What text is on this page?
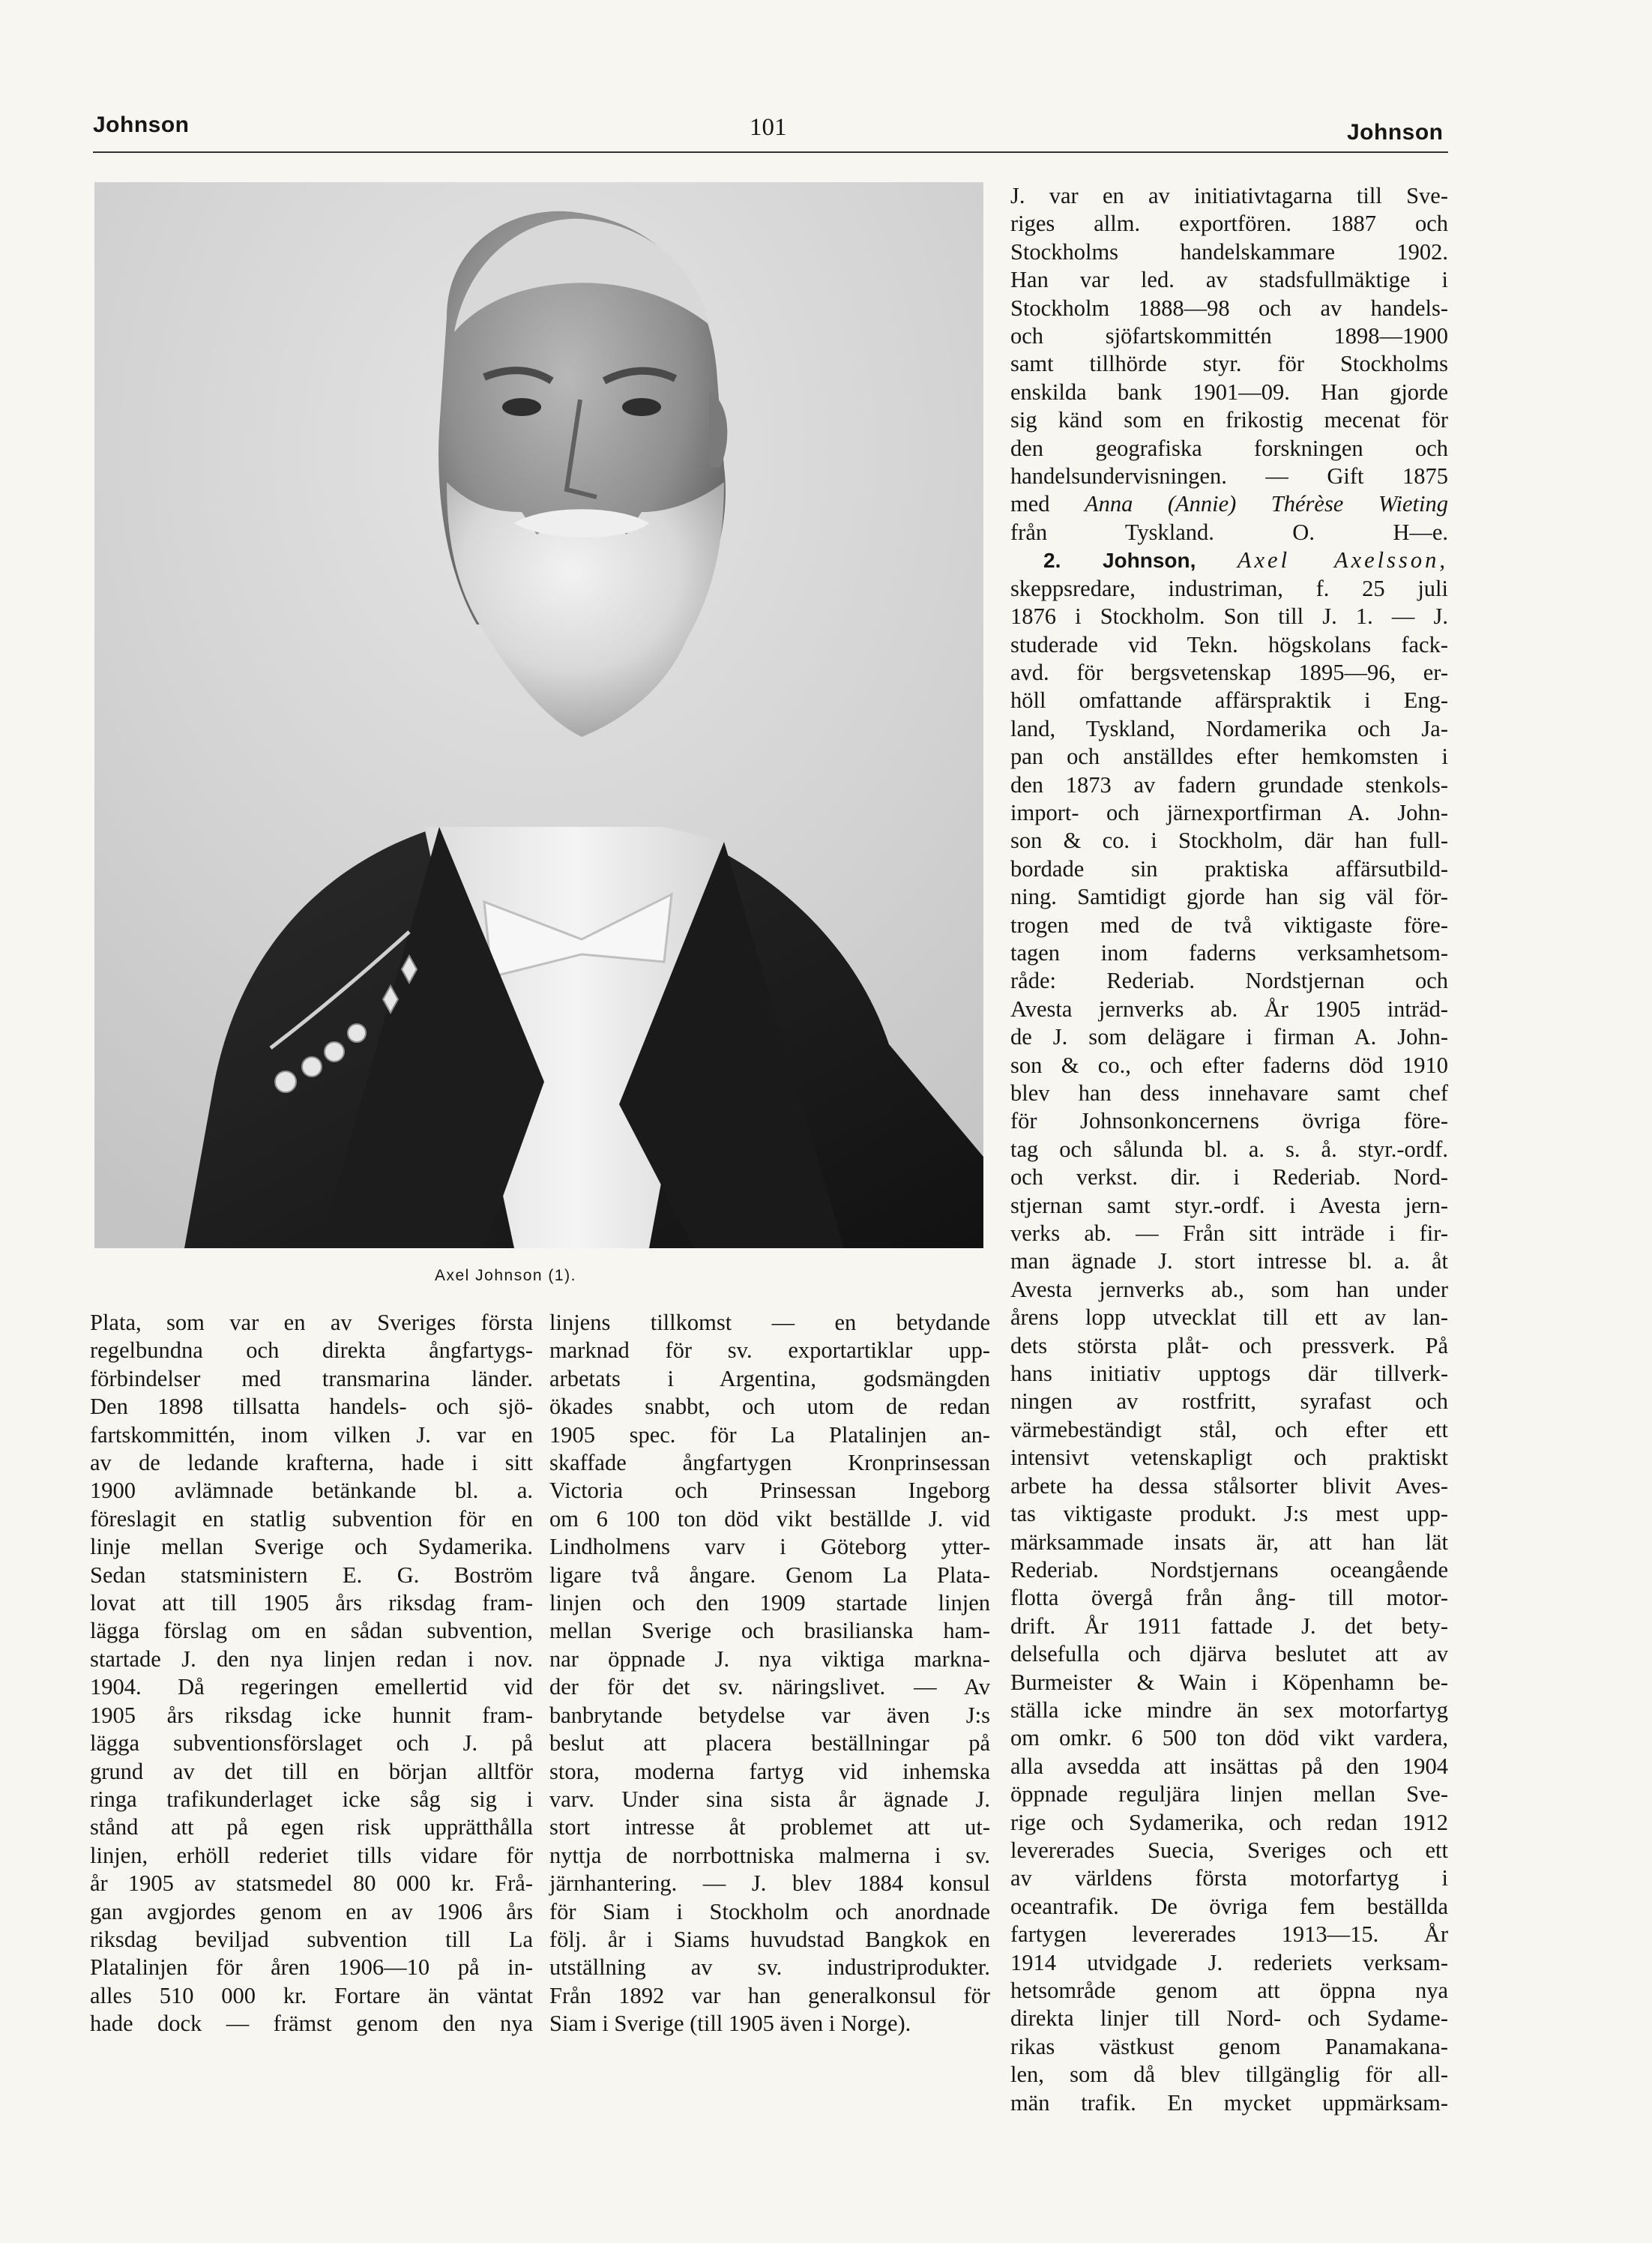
Johnson	101	Johnson
Axel Johnson (1).
Plata, som var en av Sveriges första
regelbundna och direkta ångfartygs-
förbindelser med transmarina länder.
Den 1898 tillsatta handels- och sjö-
fartskommittén, inom vilken J. var en
av de ledande krafterna, hade i sitt
1900 avlämnade betänkande bl. a.
föreslagit en statlig subvention för en
linje mellan Sverige och Sydamerika.
Sedan statsministern E. G. Boström
lovat att till 1905 års riksdag fram-
lägga förslag om en sådan subvention,
startade J. den nya linjen redan i nov.
1904. Då regeringen emellertid vid
1905 års riksdag icke hunnit fram-
lägga subventionsförslaget och J. på
grund av det till en början alltför
ringa trafikunderlaget icke såg sig i
stånd att på egen risk upprätthålla
linjen, erhöll rederiet tills vidare för
år 1905 av statsmedel 80 000 kr. Frå-
gan avgjordes genom en av 1906 års
riksdag beviljad subvention till La
Platalinjen för åren 1906—10 på in-
alles 510 000 kr. Fortare än väntat
hade dock — främst genom den nya
linjens tillkomst — en betydande
marknad för sv. exportartiklar upp-
arbetats i Argentina, godsmängden
ökades snabbt, och utom de redan
1905 spec. för La Platalinjen an-
skaffade ångfartygen Kronprinsessan
Victoria och Prinsessan Ingeborg
om 6 100 ton död vikt beställde J. vid
Lindholmens varv i Göteborg ytter-
ligare två ångare. Genom La Plata-
linjen och den 1909 startade linjen
mellan Sverige och brasilianska ham-
nar öppnade J. nya viktiga markna-
der för det sv. näringslivet. — Av
banbrytande betydelse var även J:s
beslut att placera beställningar på
stora, moderna fartyg vid inhemska
varv. Under sina sista år ägnade J.
stort intresse åt problemet att ut-
nyttja de norrbottniska malmerna i sv.
järnhantering. — J. blev 1884 konsul
för Siam i Stockholm och anordnade
följ. år i Siams huvudstad Bangkok en
utställning av sv. industriprodukter.
Från 1892 var han generalkonsul för
Siam i Sverige (till 1905 även i Norge).
J. var en av initiativtagarna till Sve-
riges allm. exportfören. 1887 och
Stockholms handelskammare 1902.
Han var led. av stadsfullmäktige i
Stockholm 1888—98 och av handels-
och sjöfartskommittén 1898—1900
samt tillhörde styr. för Stockholms
enskilda bank 1901—09. Han gjorde
sig känd som en frikostig mecenat för
den geografiska forskningen och
handelsundervisningen. — Gift 1875
med Anna (Annie) Thérèse Wieting
från Tyskland.	O. H—e.
2. Johnson, Axel Axelsson,
skeppsredare, industriman, f. 25 juli
1876 i Stockholm. Son till J. 1. — J.
studerade vid Tekn. högskolans fack-
avd. för bergsvetenskap 1895—96, er-
höll omfattande affärspraktik i Eng-
land, Tyskland, Nordamerika och Ja-
pan och anställdes efter hemkomsten i
den 1873 av fadern grundade stenkols-
import- och järnexportfirman A. John-
son & co. i Stockholm, där han full-
bordade sin praktiska affärsutbild-
ning. Samtidigt gjorde han sig väl för-
trogen med de två viktigaste före-
tagen inom faderns verksamhetsom-
råde: Rederiab. Nordstjernan och
Avesta jernverks ab. År 1905 inträd-
de J. som delägare i firman A. John-
son & co., och efter faderns död 1910
blev han dess innehavare samt chef
för Johnsonkoncernens övriga före-
tag och sålunda bl. a. s. å. styr.-ordf.
och verkst. dir. i Rederiab. Nord-
stjernan samt styr.-ordf. i Avesta jern-
verks ab. — Från sitt inträde i fir-
man ägnade J. stort intresse bl. a. åt
Avesta jernverks ab., som han under
årens lopp utvecklat till ett av lan-
dets största plåt- och pressverk. På
hans initiativ upptogs där tillverk-
ningen av rostfritt, syrafast och
värmebeständigt stål, och efter ett
intensivt vetenskapligt och praktiskt
arbete ha dessa stålsorter blivit Aves-
tas viktigaste produkt. J:s mest upp-
märksammade insats är, att han lät
Rederiab. Nordstjernans oceangående
flotta övergå från ång- till motor-
drift. År 1911 fattade J. det bety-
delsefulla och djärva beslutet att av
Burmeister & Wain i Köpenhamn be-
ställa icke mindre än sex motorfartyg
om omkr. 6 500 ton död vikt vardera,
alla avsedda att insättas på den 1904
öppnade reguljära linjen mellan Sve-
rige och Sydamerika, och redan 1912
levererades Suecia, Sveriges och ett
av världens första motorfartyg i
oceantrafik. De övriga fem beställda
fartygen levererades 1913—15. År
1914 utvidgade J. rederiets verksam-
hetsområde genom att öppna nya
direkta linjer till Nord- och Sydame-
rikas västkust genom Panamakana-
len, som då blev tillgänglig för all-
män trafik. En mycket uppmärksam-
